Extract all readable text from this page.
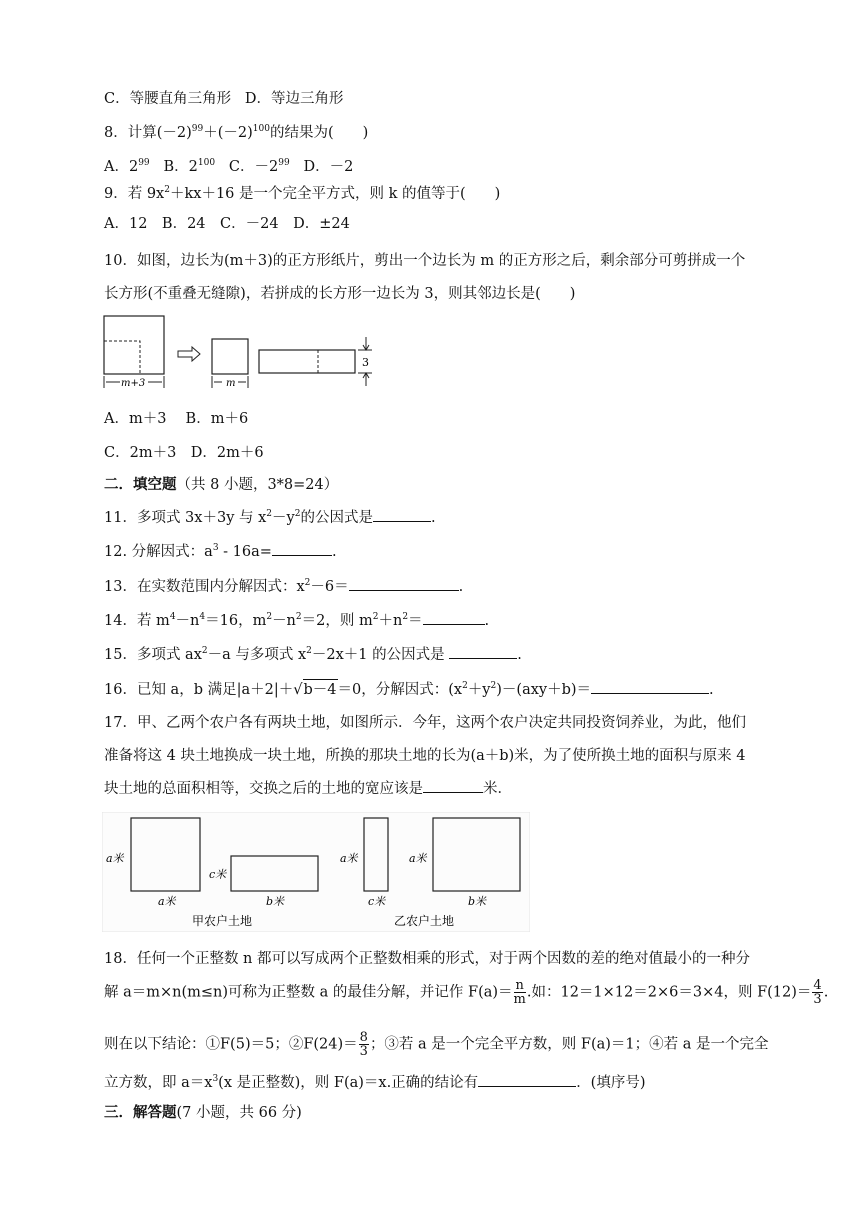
C．等腰直角三角形 D．等边三角形
8．计算$(-2)^{99}+(-2)^{100}$的结果为(　　)
A．$2^{99}$ B．$2^{100}$ C．$-2^{99}$ D．－2
9．若 $9x^2+kx+16$ 是一个完全平方式，则 k 的值等于(　　)
A．12　B．24　C．－24　D．±24
10．如图，边长为(m＋3)的正方形纸片，剪出一个边长为 m 的正方形之后，剩余部分可剪拼成一个
长方形(不重叠无缝隙)，若拼成的长方形一边长为 3，则其邻边长是(　　)
m+3	m
3
A．m＋3　 B．m＋6
C．2m＋3　D．2m＋6
二．填空题（共 8 小题，3*8=24）
11．多项式 3x＋3y 与 $x^2-y^2$的公因式是	.
12. 分解因式：$a^3 - 16a=$	.
13．在实数范围内分解因式：$x^2-6=$	.
14．若 $m^4-n^4=16$，$m^2-n^2=2$，则 $m^2+n^2=$	.
15．多项式 $ax^2-a$ 与多项式 $x^2-2x+1$ 的公因式是	.
16．已知 a，b 满足|a＋2|＋√b－4＝0，分解因式：$(x^2+y^2)-(axy+b)=$	.
17．甲、乙两个农户各有两块土地，如图所示．今年，这两个农户决定共同投资饲养业，为此，他们
准备将这 4 块土地换成一块土地，所换的那块土地的长为(a＋b)米，为了使所换土地的面积与原来 4
块土地的总面积相等，交换之后的土地的宽应该是	米．
a米
a米
c米
b米
甲农户土地
a米
c米
a米
b米
乙农户土地
18．任何一个正整数 n 都可以写成两个正整数相乘的形式，对于两个因数的差的绝对值最小的一种分
解 a＝m×n(m≤n)可称为正整数 a 的最佳分解，并记作 $F(a)= \frac{n}{m}$ .如：12＝1×12＝2×6＝3×4，则 $F(12)= \frac{4}{3}$ .
则在以下结论：①F(5)＝5；②F(24)＝ $\frac{8}{3}$ ；③若 a 是一个完全平方数，则 F(a)＝1；④若 a 是一个完全
立方数，即 $a=x^3(x$ 是正整数)，则 F(a)＝x.正确的结论有	．(填序号)
三．解答题(7 小题，共 66 分)
